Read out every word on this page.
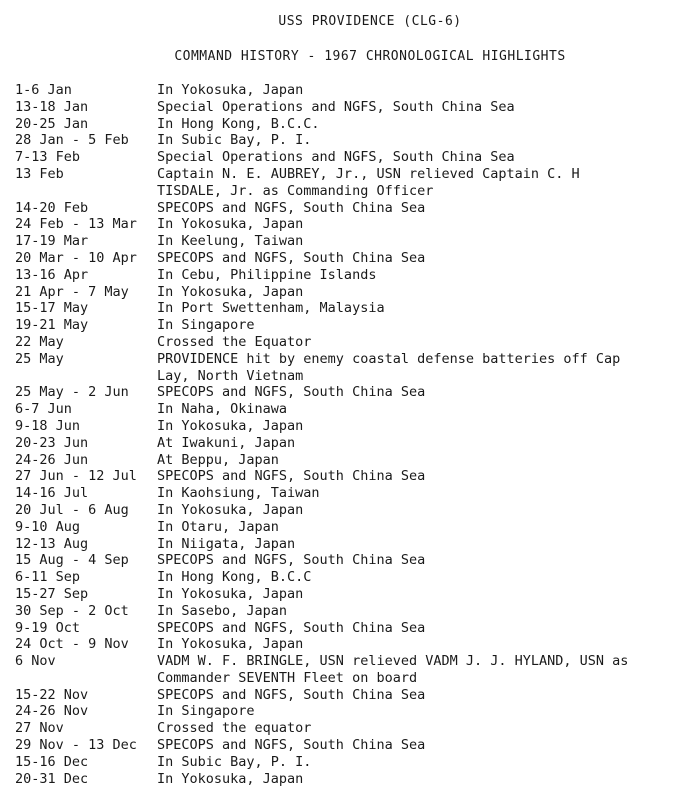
USS PROVIDENCE (CLG-6)
COMMAND HISTORY - 1967 CHRONOLOGICAL HIGHLIGHTS
1-6 Jan	In Yokosuka, Japan
13-18 Jan	Special Operations and NGFS, South China Sea
20-25 Jan	In Hong Kong, B.C.C.
28 Jan - 5 Feb	In Subic Bay, P. I.
7-13 Feb	Special Operations and NGFS, South China Sea
13 Feb	Captain N. E. AUBREY, Jr., USN relieved Captain C. H TISDALE, Jr. as Commanding Officer
14-20 Feb	SPECOPS and NGFS, South China Sea
24 Feb - 13 Mar	In Yokosuka, Japan
17-19 Mar	In Keelung, Taiwan
20 Mar - 10 Apr	SPECOPS and NGFS, South China Sea
13-16 Apr	In Cebu, Philippine Islands
21 Apr - 7 May	In Yokosuka, Japan
15-17 May	In Port Swettenham, Malaysia
19-21 May	In Singapore
22 May	Crossed the Equator
25 May	PROVIDENCE hit by enemy coastal defense batteries off Cap Lay, North Vietnam
25 May - 2 Jun	SPECOPS and NGFS, South China Sea
6-7 Jun	In Naha, Okinawa
9-18 Jun	In Yokosuka, Japan
20-23 Jun	At Iwakuni, Japan
24-26 Jun	At Beppu, Japan
27 Jun - 12 Jul	SPECOPS and NGFS, South China Sea
14-16 Jul	In Kaohsiung, Taiwan
20 Jul - 6 Aug	In Yokosuka, Japan
9-10 Aug	In Otaru, Japan
12-13 Aug	In Niigata, Japan
15 Aug - 4 Sep	SPECOPS and NGFS, South China Sea
6-11 Sep	In Hong Kong, B.C.C
15-27 Sep	In Yokosuka, Japan
30 Sep - 2 Oct	In Sasebo, Japan
9-19 Oct	SPECOPS and NGFS, South China Sea
24 Oct - 9 Nov	In Yokosuka, Japan
6 Nov	VADM W. F. BRINGLE, USN relieved VADM J. J. HYLAND, USN as Commander SEVENTH Fleet on board
15-22 Nov	SPECOPS and NGFS, South China Sea
24-26 Nov	In Singapore
27 Nov	Crossed the equator
29 Nov - 13 Dec	SPECOPS and NGFS, South China Sea
15-16 Dec	In Subic Bay, P. I.
20-31 Dec	In Yokosuka, Japan
